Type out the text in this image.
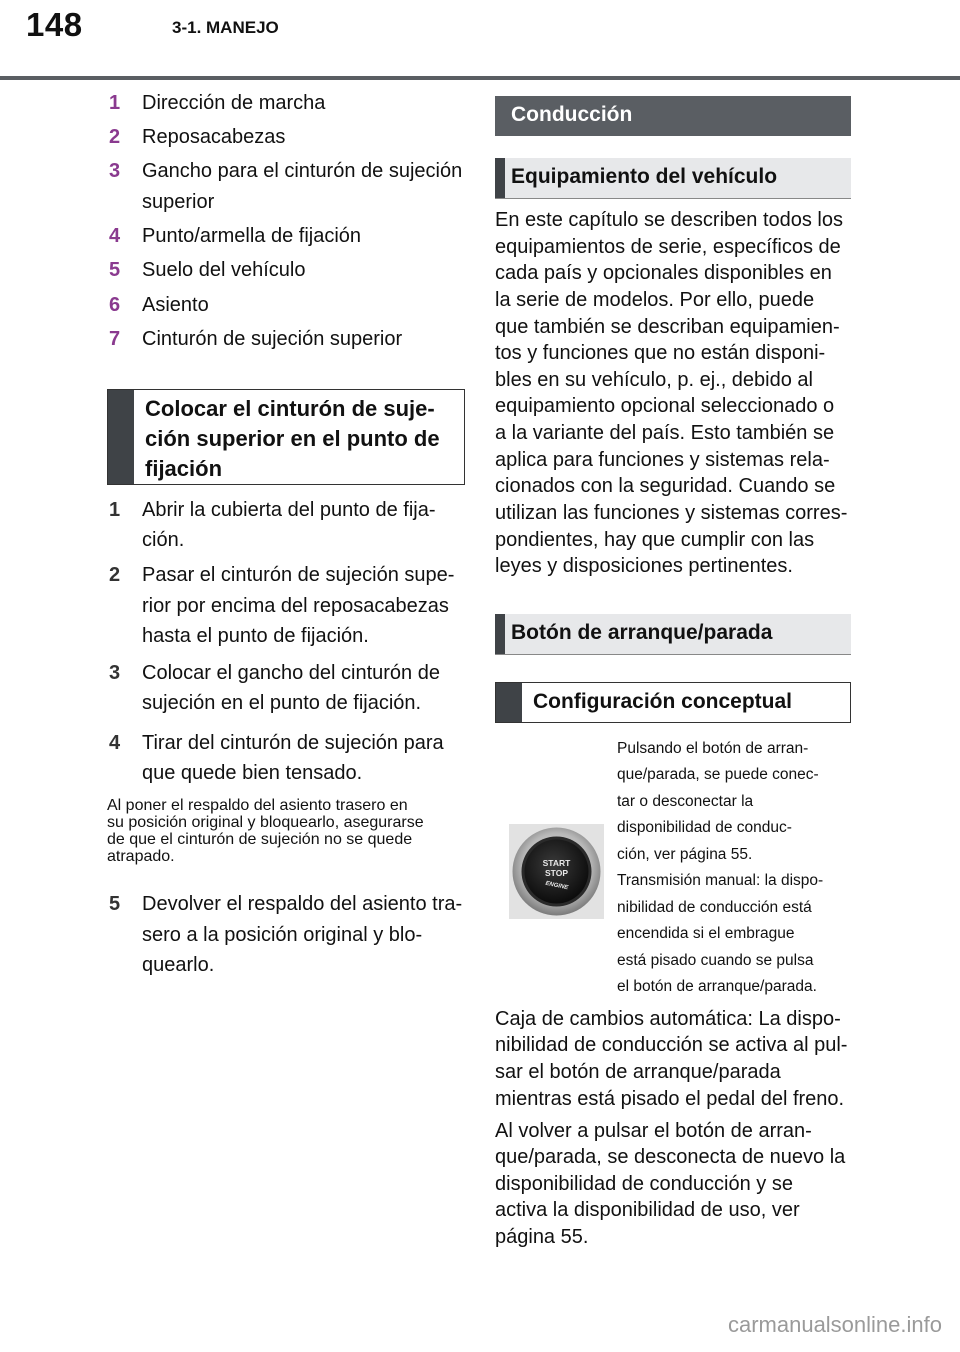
148	3-1. MANEJO
1 Dirección de marcha
2 Reposacabezas
3 Gancho para el cinturón de sujeción
superior
4 Punto/armella de fijación
5 Suelo del vehículo
6 Asiento
7 Cinturón de sujeción superior
Colocar el cinturón de suje-
ción superior en el punto de
fijación
1 Abrir la cubierta del punto de fija-
ción.
2 Pasar el cinturón de sujeción supe-
rior por encima del reposacabezas
hasta el punto de fijación.
3 Colocar el gancho del cinturón de
sujeción en el punto de fijación.
4 Tirar del cinturón de sujeción para
que quede bien tensado.
Al poner el respaldo del asiento trasero en
su posición original y bloquearlo, asegurarse
de que el cinturón de sujeción no se quede
atrapado.
5 Devolver el respaldo del asiento tra-
sero a la posición original y blo-
quearlo.
Conducción
Equipamiento del vehículo
En este capítulo se describen todos los
equipamientos de serie, específicos de
cada país y opcionales disponibles en
la serie de modelos. Por ello, puede
que también se describan equipamien-
tos y funciones que no están disponi-
bles en su vehículo, p. ej., debido al
equipamiento opcional seleccionado o
a la variante del país. Esto también se
aplica para funciones y sistemas rela-
cionados con la seguridad. Cuando se
utilizan las funciones y sistemas corres-
pondientes, hay que cumplir con las
leyes y disposiciones pertinentes.
Botón de arranque/parada
Configuración conceptual
START
STOP
ENGINE
Pulsando el botón de arran-
que/parada, se puede conec-
tar o desconectar la
disponibilidad de conduc-
ción, ver página 55.
Transmisión manual: la dispo-
nibilidad de conducción está
encendida si el embrague
está pisado cuando se pulsa
el botón de arranque/parada.
Caja de cambios automática: La dispo-
nibilidad de conducción se activa al pul-
sar el botón de arranque/parada
mientras está pisado el pedal del freno.
Al volver a pulsar el botón de arran-
que/parada, se desconecta de nuevo la
disponibilidad de conducción y se
activa la disponibilidad de uso, ver
página 55.
carmanualsonline.info
